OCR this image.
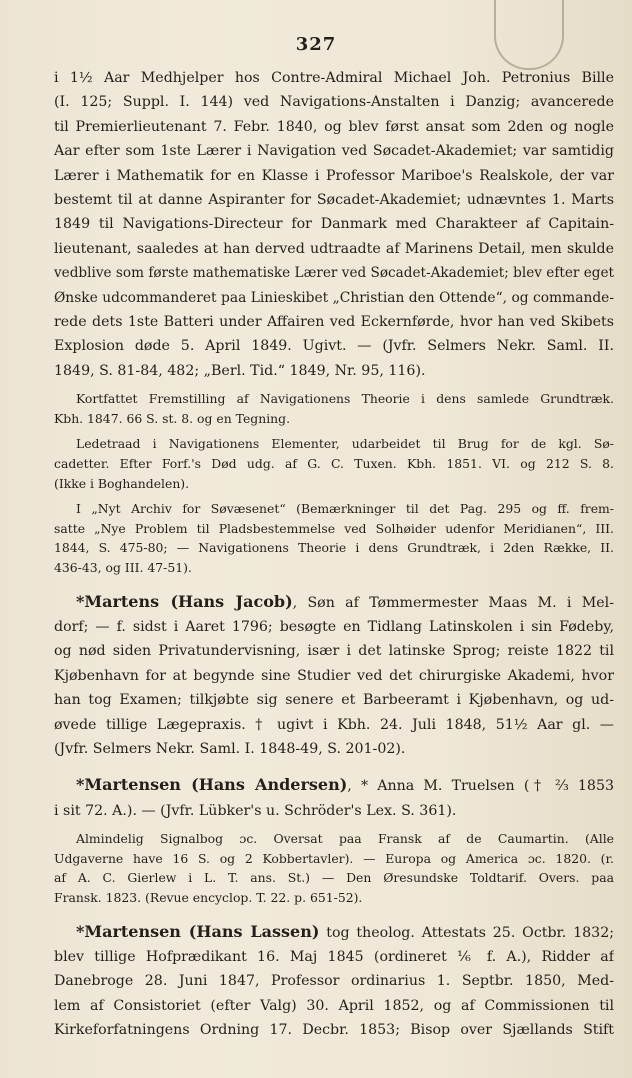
327
i 1½ Aar Medhjelper hos Contre-Admiral Michael Joh. Petronius Bille
(I. 125; Suppl. I. 144) ved Navigations-Anstalten i Danzig; avancerede
til Premierlieutenant 7. Febr. 1840, og blev først ansat som 2den og nogle
Aar efter som 1ste Lærer i Navigation ved Søcadet-Akademiet; var samtidig
Lærer i Mathematik for en Klasse i Professor Mariboe's Realskole, der var
bestemt til at danne Aspiranter for Søcadet-Akademiet; udnævntes 1. Marts
1849 til Navigations-Directeur for Danmark med Charakteer af Capitain-
lieutenant, saaledes at han derved udtraadte af Marinens Detail, men skulde
vedblive som første mathematiske Lærer ved Søcadet-Akademiet; blev efter eget
Ønske udcommanderet paa Linieskibet „Christian den Ottende“, og commande-
rede dets 1ste Batteri under Affairen ved Eckernførde, hvor han ved Skibets
Explosion døde 5. April 1849. Ugivt. — (Jvfr. Selmers Nekr. Saml. II.
1849, S. 81-84, 482; „Berl. Tid.“ 1849, Nr. 95, 116).
Kortfattet Fremstilling af Navigationens Theorie i dens samlede Grundtræk.
Kbh. 1847. 66 S. st. 8. og en Tegning.
Ledetraad i Navigationens Elementer, udarbeidet til Brug for de kgl. Sø-
cadetter. Efter Forf.'s Død udg. af G. C. Tuxen. Kbh. 1851. VI. og 212 S. 8.
(Ikke i Boghandelen).
I „Nyt Archiv for Søvæsenet“ (Bemærkninger til det Pag. 295 og ff. frem-
satte „Nye Problem til Pladsbestemmelse ved Solhøider udenfor Meridianen“, III.
1844, S. 475-80; — Navigationens Theorie i dens Grundtræk, i 2den Række, II.
436-43, og III. 47-51).
*Martens (Hans Jacob), Søn af Tømmermester Maas M. i Mel-
dorf; — f. sidst i Aaret 1796; besøgte en Tidlang Latinskolen i sin Fødeby,
og nød siden Privatundervisning, især i det latinske Sprog; reiste 1822 til
Kjøbenhavn for at begynde sine Studier ved det chirurgiske Akademi, hvor
han tog Examen; tilkjøbte sig senere et Barbeeramt i Kjøbenhavn, og ud-
øvede tillige Lægepraxis. † ugivt i Kbh. 24. Juli 1848, 51½ Aar gl. —
(Jvfr. Selmers Nekr. Saml. I. 1848-49, S. 201-02).
*Martensen (Hans Andersen), * Anna M. Truelsen († ⅔ 1853
i sit 72. A.). — (Jvfr. Lübker's u. Schröder's Lex. S. 361).
Almindelig Signalbog ɔc. Oversat paa Fransk af de Caumartin. (Alle
Udgaverne have 16 S. og 2 Kobbertavler). — Europa og America ɔc. 1820. (r.
af A. C. Gierlew i L. T. ans. St.) — Den Øresundske Toldtarif. Overs. paa
Fransk. 1823. (Revue encyclop. T. 22. p. 651-52).
*Martensen (Hans Lassen) tog theolog. Attestats 25. Octbr. 1832;
blev tillige Hofprædikant 16. Maj 1845 (ordineret ⅙ f. A.), Ridder af
Danebroge 28. Juni 1847, Professor ordinarius 1. Septbr. 1850, Med-
lem af Consistoriet (efter Valg) 30. April 1852, og af Commissionen til
Kirkeforfatningens Ordning 17. Decbr. 1853; Bisop over Sjællands Stift
